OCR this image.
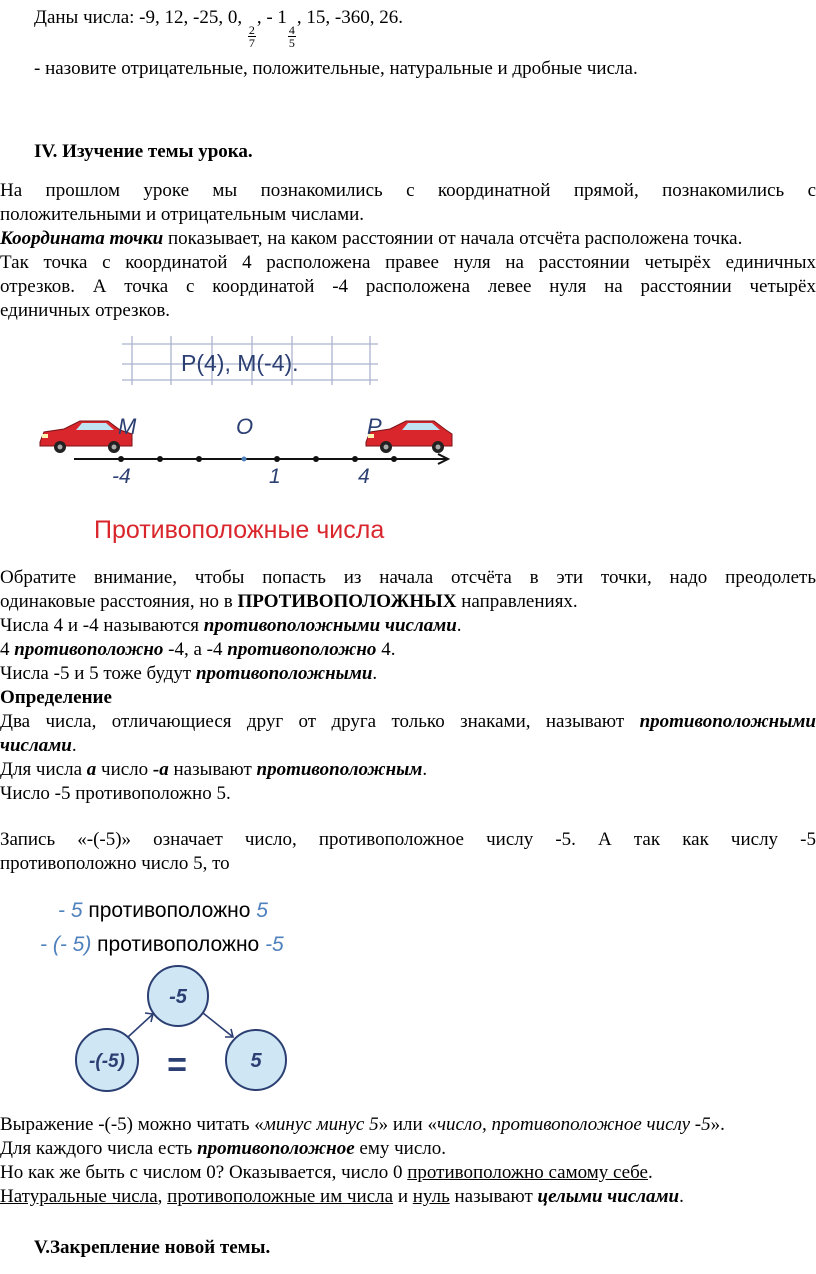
Даны числа: -9, 12, -25, 0,
$\frac{2}{7}$
, - 1
$\frac{4}{5}$
, 15, -360, 26.
- назовите отрицательные, положительные, натуральные и дробные числа.
IV. Изучение темы урока.
На прошлом уроке мы познакомились с координатной прямой, познакомились с
положительными и отрицательным числами.
Координата точки показывает, на каком расстоянии от начала отсчёта расположена точка.
Так точка с координатой 4 расположена правее нуля на расстоянии четырёх единичных
отрезков. А точка с координатой -4 расположена левее нуля на расстоянии четырёх
единичных отрезков.
P(4), M(-4).
M	O	P
-4	1	4
Противоположные числа
Обратите внимание, чтобы попасть из начала отсчёта в эти точки, надо преодолеть
одинаковые расстояния, но в ПРОТИВОПОЛОЖНЫХ направлениях.
Числа 4 и -4 называются противоположными числами.
4 противоположно -4, а -4 противоположно 4.
Числа -5 и 5 тоже будут противоположными.
Определение
Два числа, отличающиеся друг от друга только знаками, называют противоположными
числами.
Для числа а число -а называют противоположным.
Число -5 противоположно 5.
Запись «-(-5)» означает число, противоположное числу -5. А так как числу -5
противоположно число 5, то
- 5 противоположно 5
- (- 5) противоположно -5
-5
-(-5)	5
=
Выражение -(-5) можно читать «минус минус 5» или «число, противоположное числу -5».
Для каждого числа есть противоположное ему число.
Но как же быть с числом 0? Оказывается, число 0 противоположно самому себе.
Натуральные числа, противоположные им числа и нуль называют целыми числами.
V.Закрепление новой темы.
